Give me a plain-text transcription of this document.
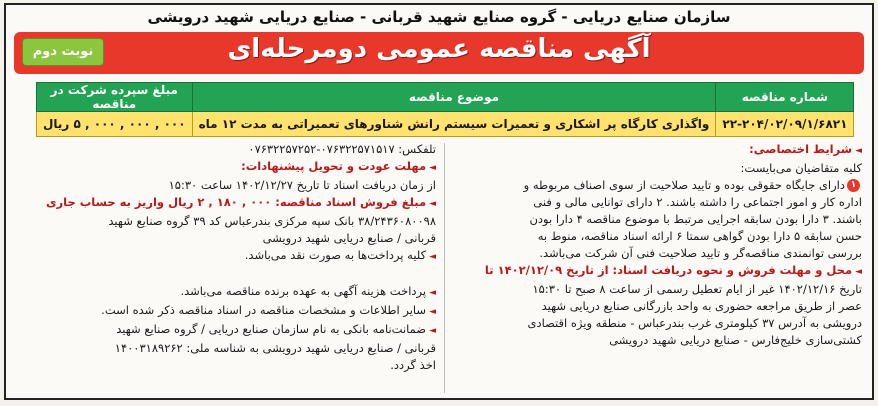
سازمان صنایع دریایی - گروه صنایع شهید قربانی - صنایع دریایی شهید درویشی
آگهی مناقصه عمومی دومرحله‌ای
نوبت دوم
شماره مناقصه	موضوع مناقصه	مبلغ سپرده شرکت در مناقصه
۲۲-۲۰۴/۰۲/۰۹/۱/۶۸۲۱	واگذاری کارگاه پر اشکاری و تعمیرات سیستم رانش شناورهای تعمیراتی به مدت ۱۲ ماه	۰۰۰ , ۰۰۰ , ۰۰۰ , ۵ ریال
◄شرایط اختصاصی:
کلیه متقاضیان می‌بایست:
۱دارای جایگاه حقوقی بوده و تایید صلاحیت از سوی اصناف مربوطه و
اداره کار و امور اجتماعی را داشته باشند. ۲ دارای توانایی مالی و فنی
باشند. ۳ دارا بودن سابقه اجرایی مرتبط با موضوع مناقصه ۴ دارا بودن
حسن سابقه ۵ دارا بودن گواهی سمتا ۶ ارائه اسناد مناقصه، منوط به
بررسی توانمندی مناقصه‌گر و تایید صلاحیت فنی آن شرکت می‌باشد.
◄محل و مهلت فروش و نحوه دریافت اسناد: از تاریخ ۱۴۰۲/۱۲/۰۹ تا
تاریخ ۱۴۰۲/۱۲/۱۶ غیر از ایام تعطیل رسمی از ساعت ۸ صبح تا ۱۵:۳۰
عصر از طریق مراجعه حضوری به واحد بازرگانی صنایع دریایی شهید
درویشی به آدرس ۳۷ کیلومتری غرب بندرعباس - منطقه ویژه اقتصادی
کشتی‌سازی خلیج‌فارس - صنایع دریایی شهید درویشی
تلفکس: ۰۷۶۳۲۲۵۷۱۵۱۷-۰۷۶۳۲۲۵۷۲۵۲
◄مهلت عودت و تحویل پیشنهادات:
از زمان دریافت اسناد تا تاریخ ۱۴۰۲/۱۲/۲۷ ساعت ۱۵:۳۰
◄مبلغ فروش اسناد مناقصه: ۰۰۰ , ۱۸۰ , ۲ ریال واریز به حساب جاری
۳۸/۲۴۳۶۰۸۰۰۹۸ بانک سپه مرکزی بندرعباس کد ۳۹ گروه صنایع شهید
قربانی / صنایع دریایی شهید درویشی
◄کلیه پرداخت‌ها به صورت نقد می‌باشد.

◄پرداخت هزینه آگهی به عهده برنده مناقصه می‌باشد.
◄سایر اطلاعات و مشخصات مناقصه در اسناد مناقصه ذکر شده است.
◄ضمانت‌نامه بانکی به نام سازمان صنایع دریایی / گروه صنایع شهید
قربانی / صنایع دریایی شهید درویشی به شناسه ملی: ۱۴۰۰۳۱۸۹۲۶۲
اخذ گردد.
